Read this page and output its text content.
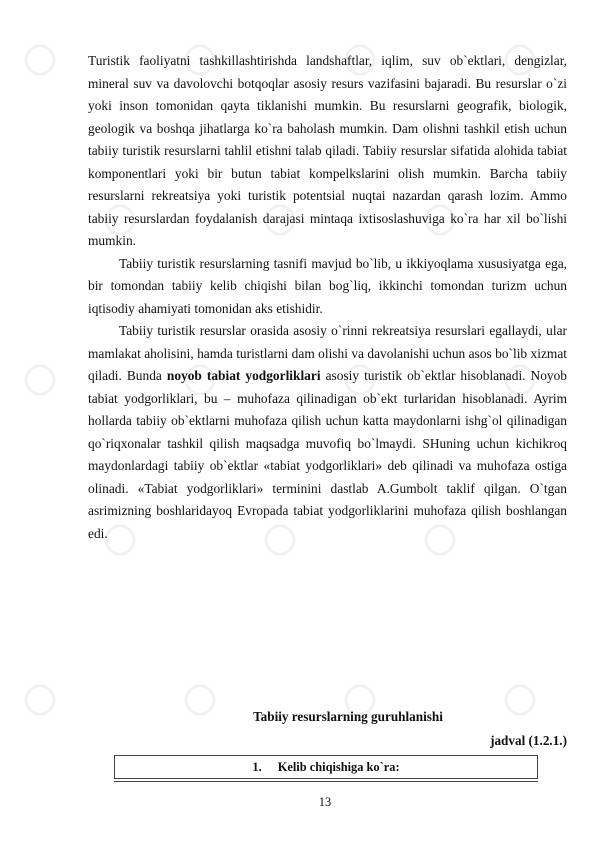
Turistik faoliyatni tashkillashtirishda landshaftlar, iqlim, suv ob`ektlari, dengizlar, mineral suv va davolovchi botqoqlar asosiy resurs vazifasini bajaradi. Bu resurslar o`zi yoki inson tomonidan qayta tiklanishi mumkin. Bu resurslarni geografik, biologik, geologik va boshqa jihatlarga ko`ra baholash mumkin. Dam olishni tashkil etish uchun tabiiy turistik resurslarni tahlil etishni talab qiladi. Tabiiy resurslar sifatida alohida tabiat komponentlari yoki bir butun tabiat kompelkslarini olish mumkin. Barcha tabiiy resurslarni rekreatsiya yoki turistik potentsial nuqtai nazardan qarash lozim. Ammo tabiiy resurslardan foydalanish darajasi mintaqa ixtisoslashuviga ko`ra har xil bo`lishi mumkin.

Tabiiy turistik resurslarning tasnifi mavjud bo`lib, u ikkiyoqlama xususiyatga ega, bir tomondan tabiiy kelib chiqishi bilan bog`liq, ikkinchi tomondan turizm uchun iqtisodiy ahamiyati tomonidan aks etishidir.

Tabiiy turistik resurslar orasida asosiy o`rinni rekreatsiya resurslari egallaydi, ular mamlakat aholisini, hamda turistlarni dam olishi va davolanishi uchun asos bo`lib xizmat qiladi. Bunda noyob tabiat yodgorliklari asosiy turistik ob`ektlar hisoblanadi. Noyob tabiat yodgorliklari, bu – muhofaza qilinadigan ob`ekt turlaridan hisoblanadi. Ayrim hollarda tabiiy ob`ektlarni muhofaza qilish uchun katta maydonlarni ishg`ol qilinadigan qo`riqxonalar tashkil qilish maqsadga muvofiq bo`lmaydi. SHuning uchun kichikroq maydonlardagi tabiiy ob`ektlar «tabiat yodgorliklari» deb qilinadi va muhofaza ostiga olinadi. «Tabiat yodgorliklari» terminini dastlab A.Gumbolt taklif qilgan. O`tgan asrimizning boshlaridayoq Evropada tabiat yodgorliklarini muhofaza qilish boshlangan edi.

Tabiiy resurslarning guruhlanishi
jadval (1.2.1.)
1. Kelib chiqishiga ko`ra:
13
